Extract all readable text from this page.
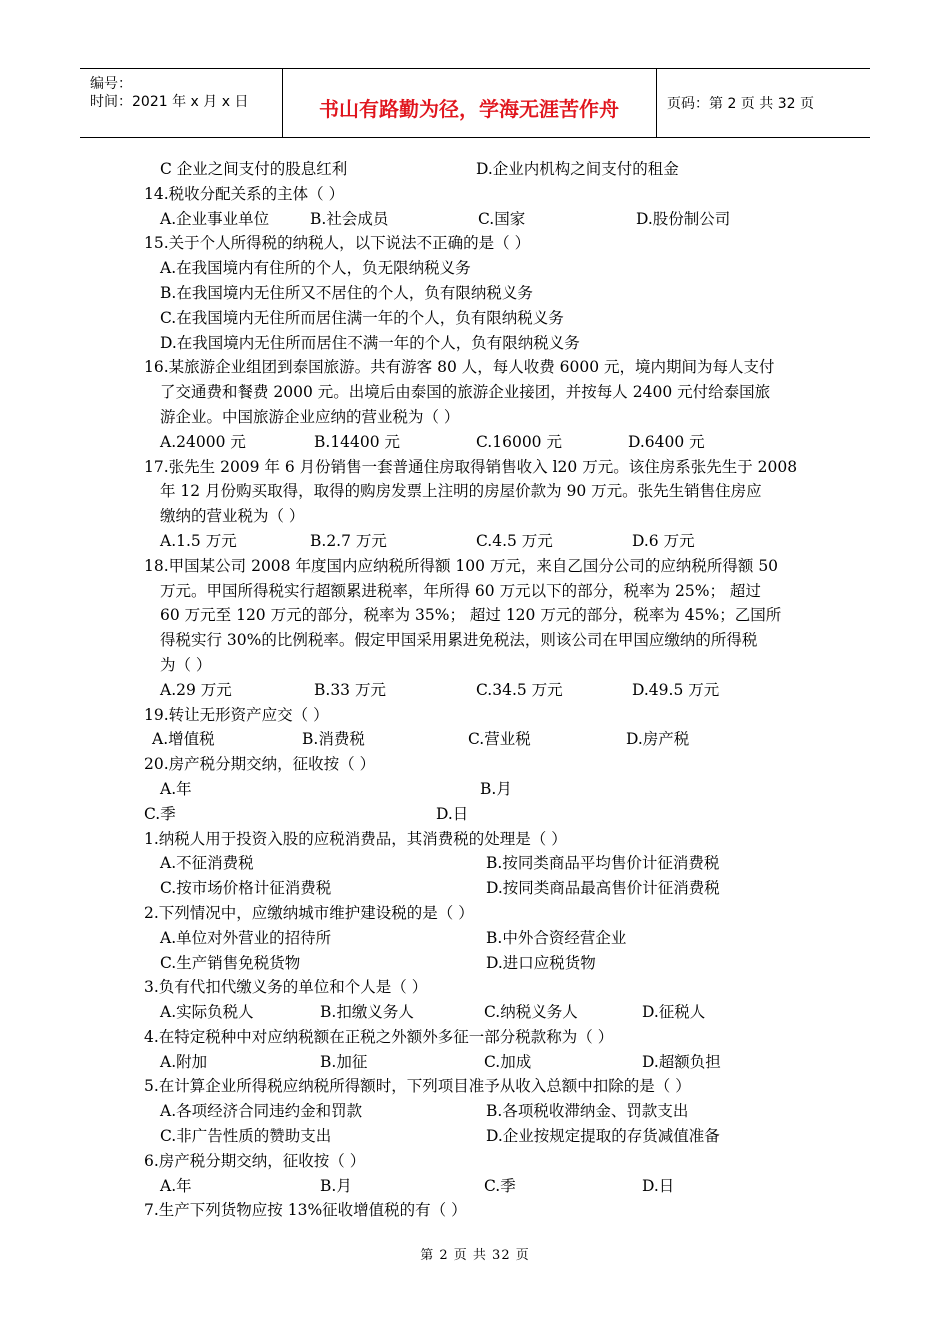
编号：
时间：2021 年 x 月 x 日	书山有路勤为径，学海无涯苦作舟	页码：第 2 页 共 32 页
C 企业之间支付的股息红利	D.企业内机构之间支付的租金
14.税收分配关系的主体（ ）
A.企业事业单位	B.社会成员	C.国家	D.股份制公司
15.关于个人所得税的纳税人，以下说法不正确的是（ ）
A.在我国境内有住所的个人，负无限纳税义务
B.在我国境内无住所又不居住的个人，负有限纳税义务
C.在我国境内无住所而居住满一年的个人，负有限纳税义务
D.在我国境内无住所而居住不满一年的个人，负有限纳税义务
16.某旅游企业组团到泰国旅游。共有游客 80 人，每人收费 6000 元，境内期间为每人支付
了交通费和餐费 2000 元。出境后由泰国的旅游企业接团，并按每人 2400 元付给泰国旅
游企业。中国旅游企业应纳的营业税为（ ）
A.24000 元	B.14400 元	C.16000 元	D.6400 元
17.张先生 2009 年 6 月份销售一套普通住房取得销售收入 l20 万元。该住房系张先生于 2008
年 12 月份购买取得，取得的购房发票上注明的房屋价款为 90 万元。张先生销售住房应
缴纳的营业税为（ ）
A.1.5 万元	B.2.7 万元	C.4.5 万元	D.6 万元
18.甲国某公司 2008 年度国内应纳税所得额 100 万元，来自乙国分公司的应纳税所得额 50
万元。甲国所得税实行超额累进税率，年所得 60 万元以下的部分，税率为 25%； 超过
60 万元至 120 万元的部分，税率为 35%； 超过 120 万元的部分，税率为 45%；乙国所
得税实行 30%的比例税率。假定甲国采用累进免税法，则该公司在甲国应缴纳的所得税
为（ ）
A.29 万元	B.33 万元	C.34.5 万元	D.49.5 万元
19.转让无形资产应交（ ）
A.增值税	B.消费税	C.营业税	D.房产税
20.房产税分期交纳，征收按（ ）
A.年	B.月
C.季	D.日
1.纳税人用于投资入股的应税消费品，其消费税的处理是（ ）
A.不征消费税	B.按同类商品平均售价计征消费税
C.按市场价格计征消费税	D.按同类商品最高售价计征消费税
2.下列情况中，应缴纳城市维护建设税的是（ ）
A.单位对外营业的招待所	B.中外合资经营企业
C.生产销售免税货物	D.进口应税货物
3.负有代扣代缴义务的单位和个人是（ ）
A.实际负税人	B.扣缴义务人	C.纳税义务人	D.征税人
4.在特定税种中对应纳税额在正税之外额外多征一部分税款称为（ ）
A.附加	B.加征	C.加成	D.超额负担
5.在计算企业所得税应纳税所得额时，下列项目准予从收入总额中扣除的是（ ）
A.各项经济合同违约金和罚款	B.各项税收滞纳金、罚款支出
C.非广告性质的赞助支出	D.企业按规定提取的存货减值准备
6.房产税分期交纳，征收按（ ）
A.年	B.月	C.季	D.日
7.生产下列货物应按 13%征收增值税的有（ ）
第 2 页 共 32 页
